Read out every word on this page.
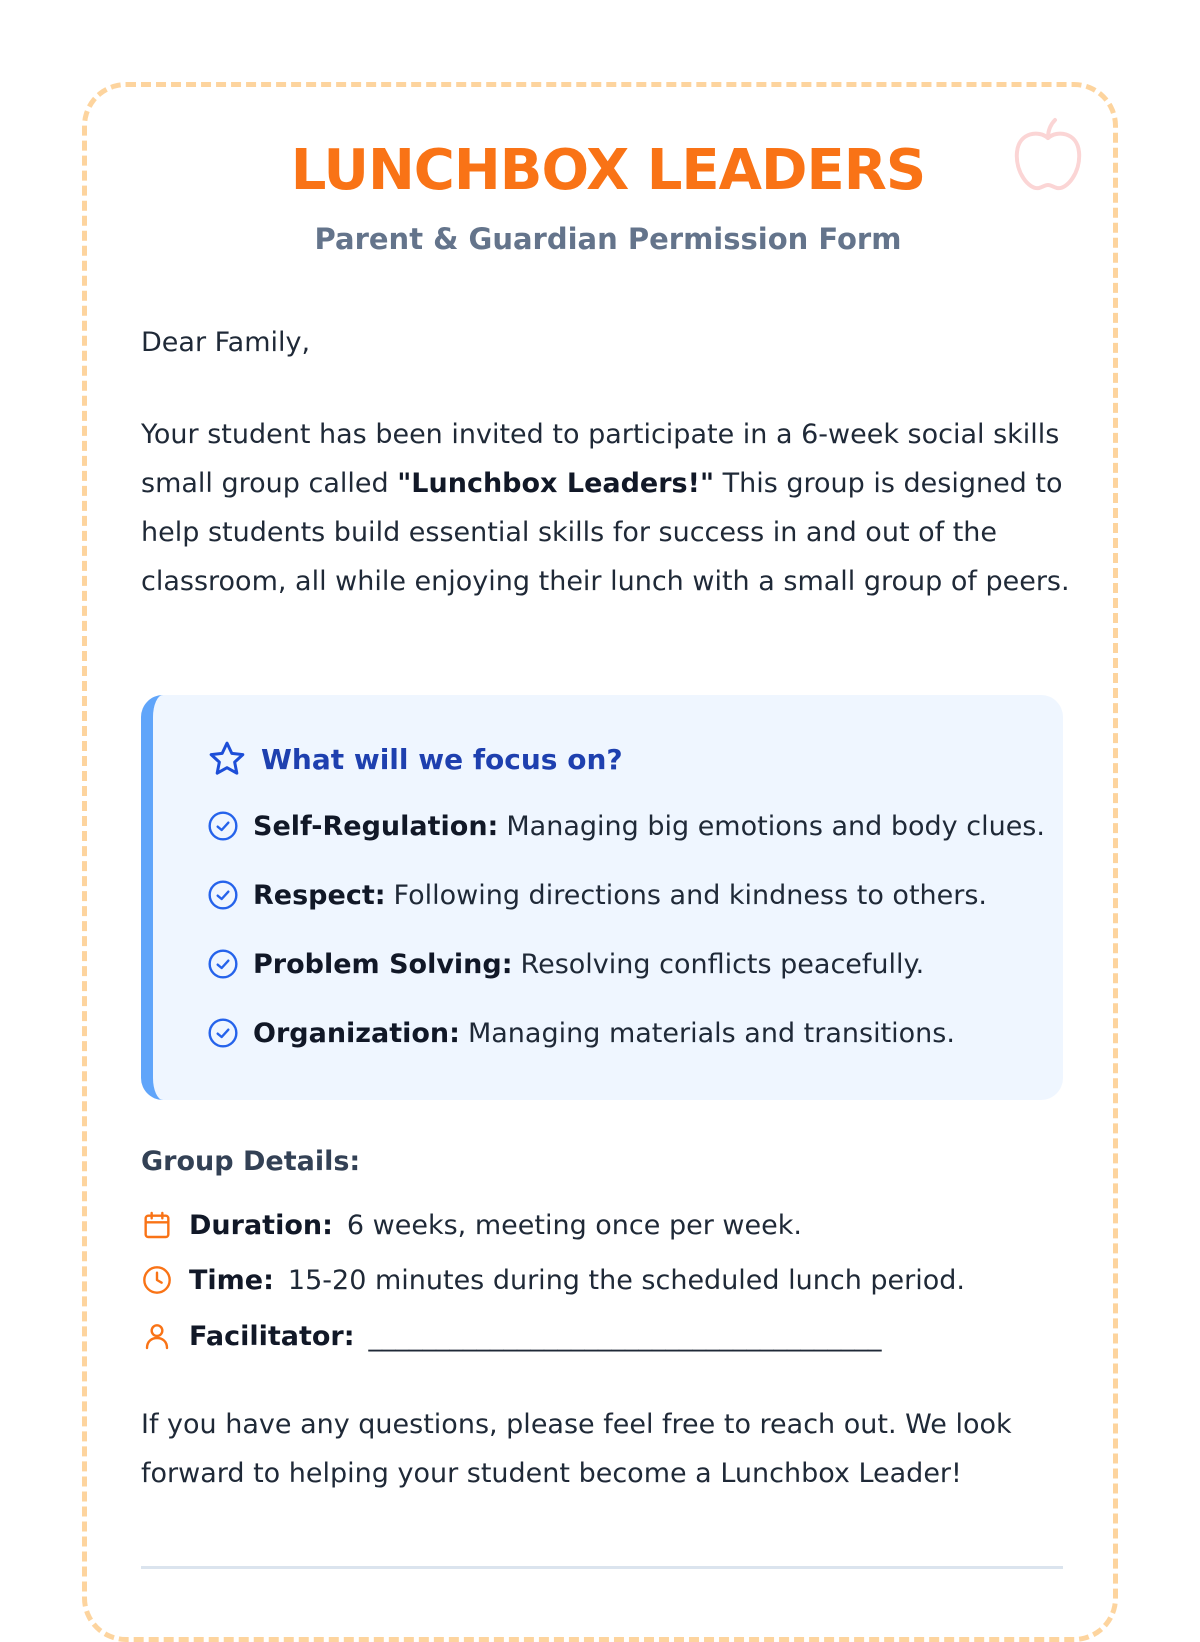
LUNCHBOX LEADERS
Parent & Guardian Permission Form
Dear Family,

Your student has been invited to participate in a 6-week social skills small group called "Lunchbox Leaders!" This group is designed to help students build essential skills for success in and out of the classroom, all while enjoying their lunch with a small group of peers.

What will we focus on?
Self-Regulation: Managing big emotions and body clues.
Respect: Following directions and kindness to others.
Problem Solving: Resolving conflicts peacefully.
Organization: Managing materials and transitions.
Group Details:
Duration: 6 weeks, meeting once per week.
Time: 15-20 minutes during the scheduled lunch period.
Facilitator: ______________________________________

If you have any questions, please feel free to reach out. We look forward to helping your student become a Lunchbox Leader!
